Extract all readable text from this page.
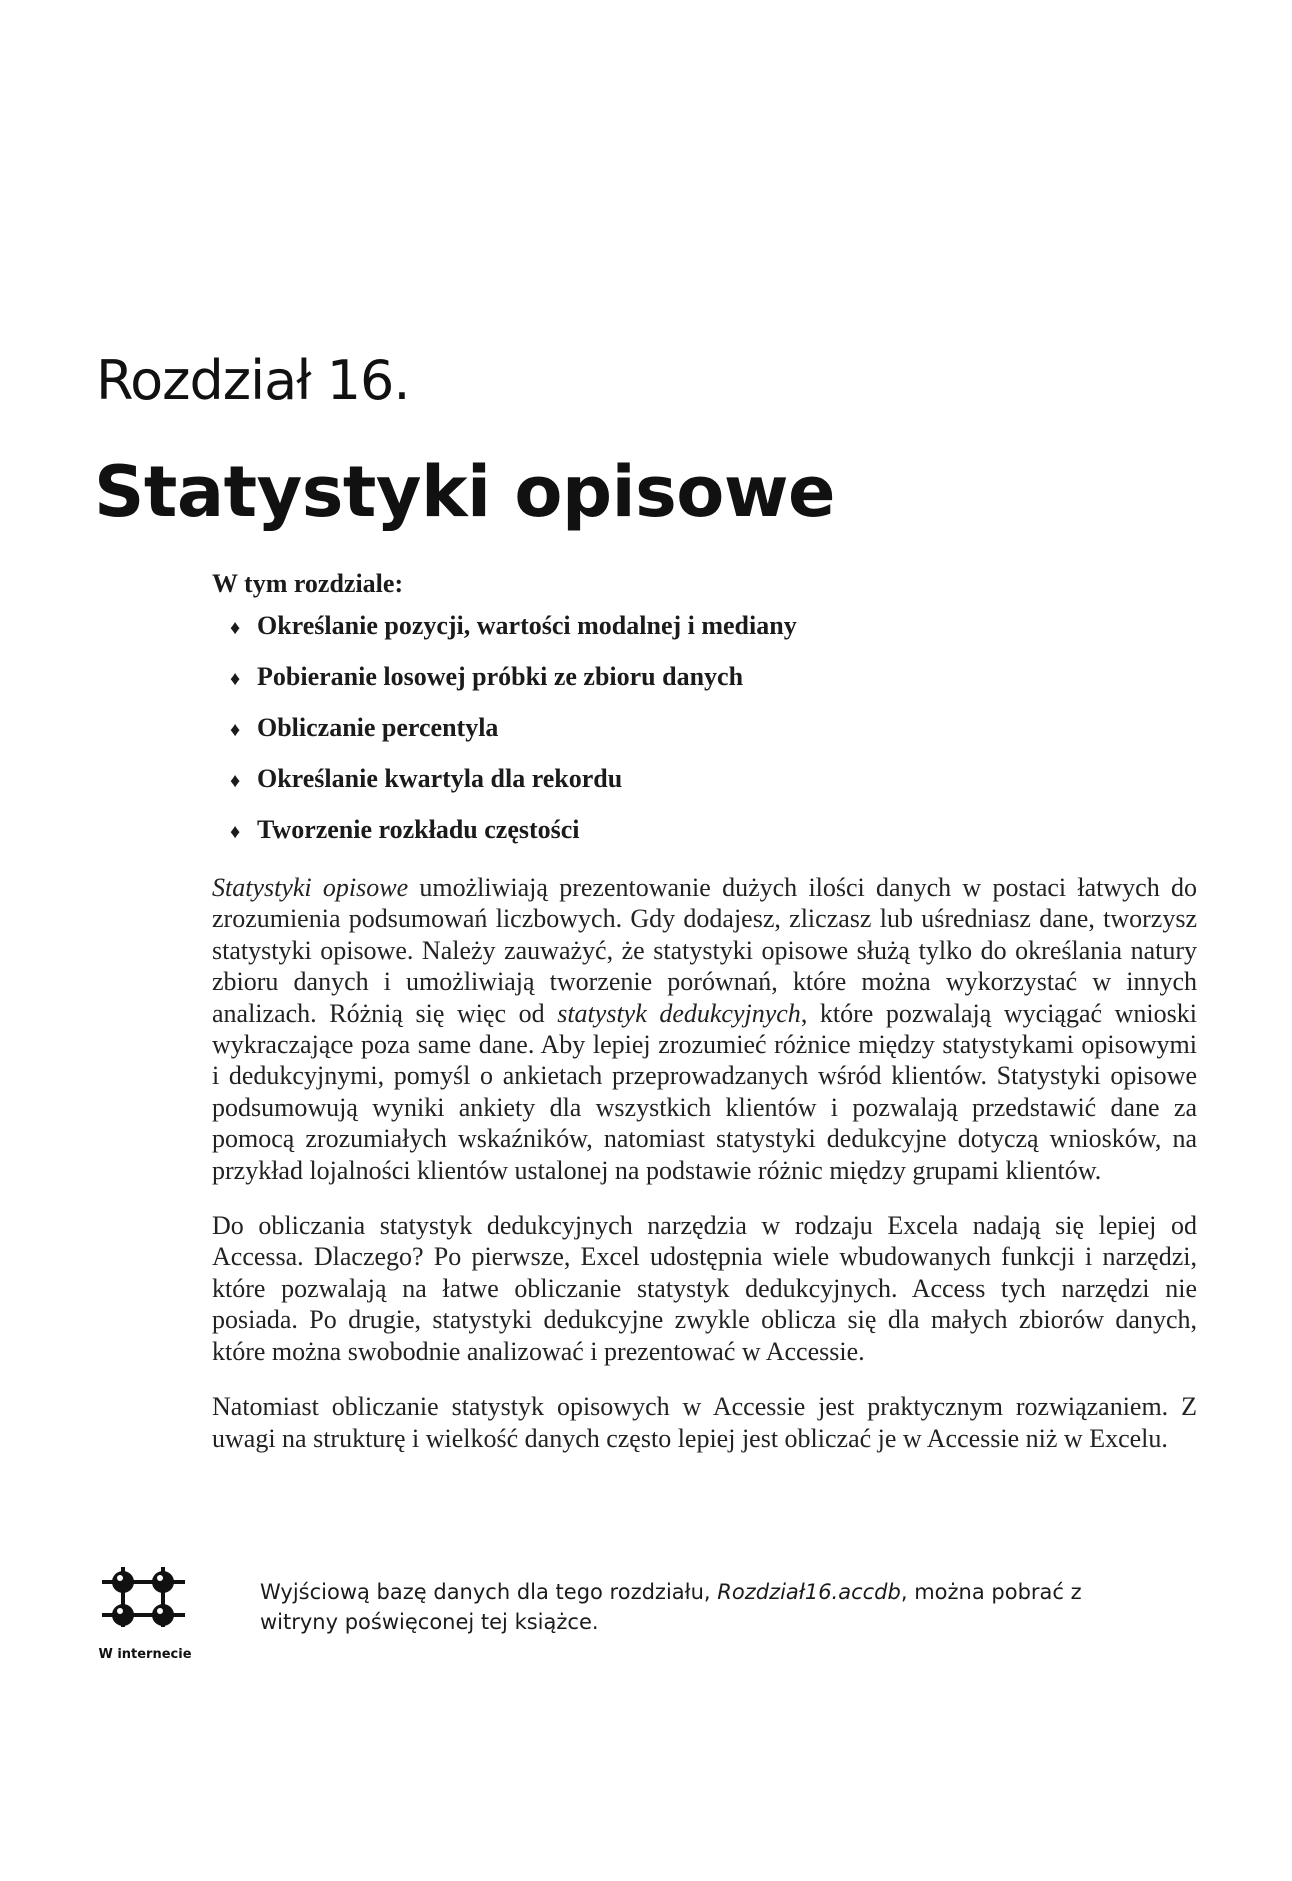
Rozdział 16.
Statystyki opisowe

W tym rozdziale:

♦ Określanie pozycji, wartości modalnej i mediany
♦ Pobieranie losowej próbki ze zbioru danych
♦ Obliczanie percentyla
♦ Określanie kwartyla dla rekordu
♦ Tworzenie rozkładu częstości

Statystyki opisowe umożliwiają prezentowanie dużych ilości danych w postaci łatwych do zrozumienia podsumowań liczbowych. Gdy dodajesz, zliczasz lub uśredniasz dane, tworzysz statystyki opisowe. Należy zauważyć, że statystyki opisowe służą tylko do określania natury zbioru danych i umożliwiają tworzenie porównań, które można wykorzystać w innych analizach. Różnią się więc od statystyk dedukcyjnych, które pozwalają wyciągać wnioski wykraczające poza same dane. Aby lepiej zrozumieć różnice między statystykami opisowymi i dedukcyjnymi, pomyśl o ankietach przeprowadzanych wśród klientów. Statystyki opisowe podsumowują wyniki ankiety dla wszystkich klientów i pozwalają przedstawić dane za pomocą zrozumiałych wskaźników, natomiast statystyki dedukcyjne dotyczą wniosków, na przykład lojalności klientów ustalonej na podstawie różnic między grupami klientów.

Do obliczania statystyk dedukcyjnych narzędzia w rodzaju Excela nadają się lepiej od Accessa. Dlaczego? Po pierwsze, Excel udostępnia wiele wbudowanych funkcji i narzędzi, które pozwalają na łatwe obliczanie statystyk dedukcyjnych. Access tych narzędzi nie posiada. Po drugie, statystyki dedukcyjne zwykle oblicza się dla małych zbiorów danych, które można swobodnie analizować i prezentować w Accessie.

Natomiast obliczanie statystyk opisowych w Accessie jest praktycznym rozwiązaniem. Z uwagi na strukturę i wielkość danych często lepiej jest obliczać je w Accessie niż w Excelu.

W internecie
Wyjściową bazę danych dla tego rozdziału, Rozdział16.accdb, można pobrać z witryny poświęconej tej książce.
